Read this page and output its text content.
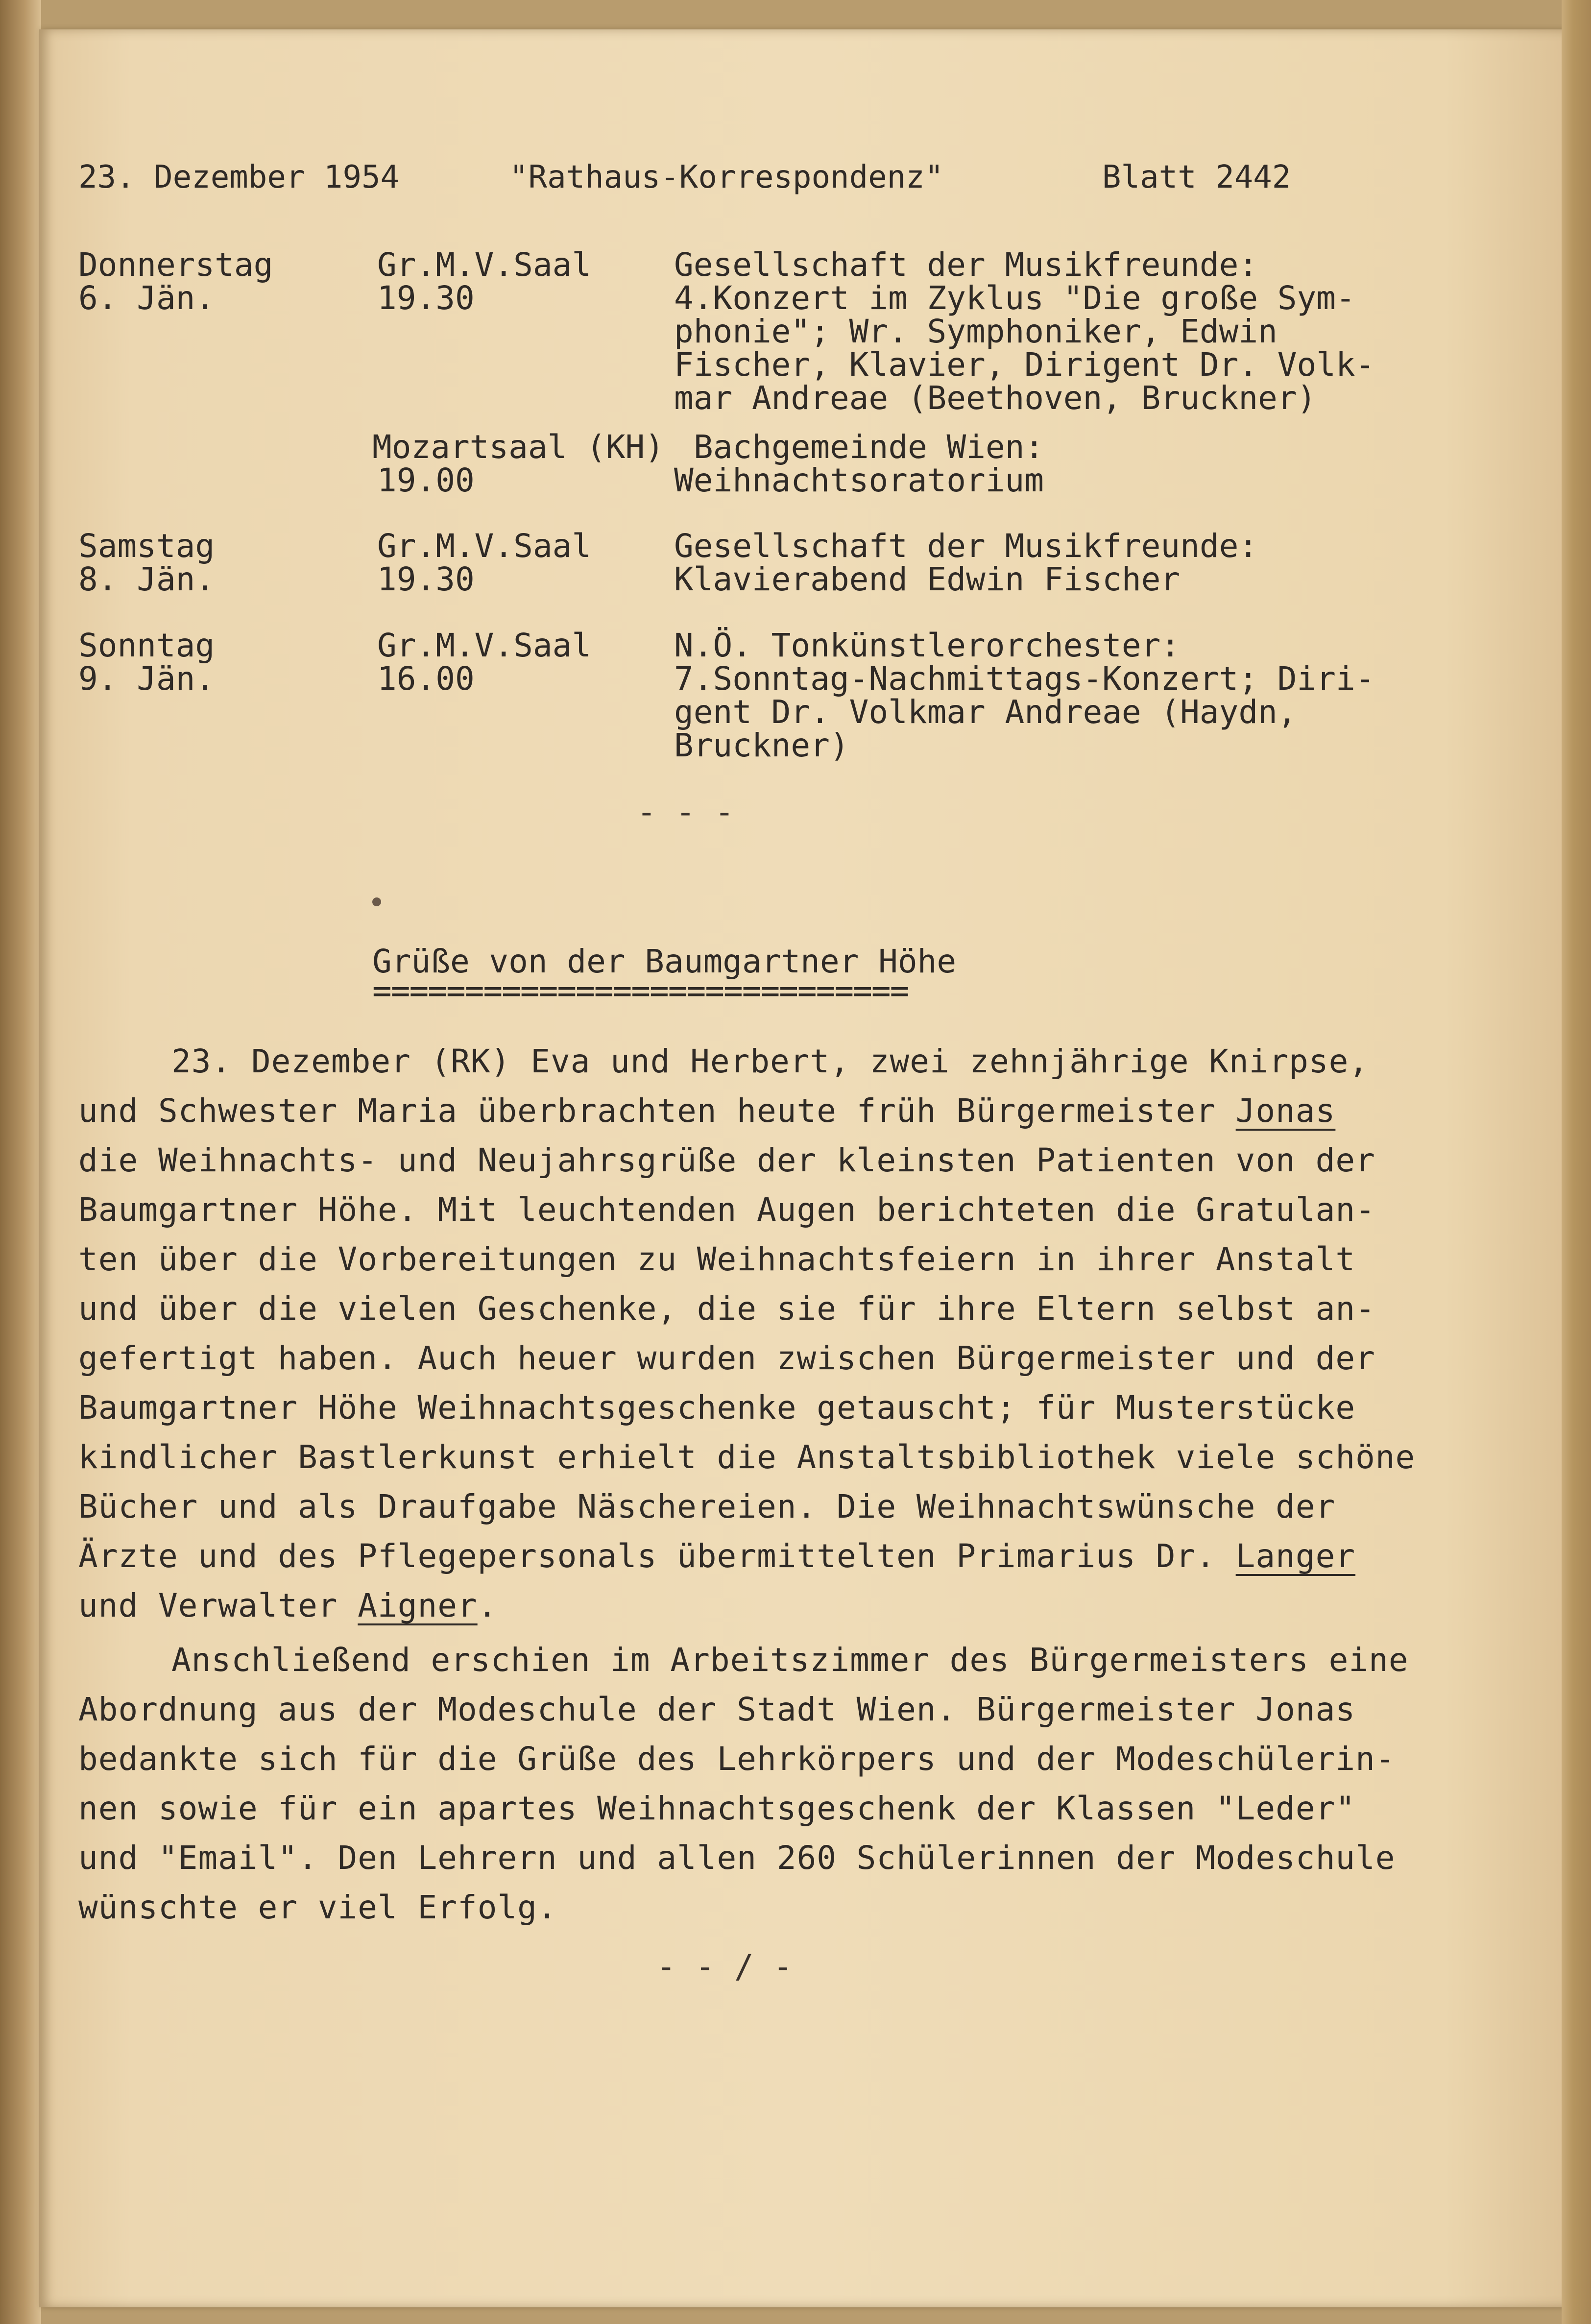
23. Dezember 1954	"Rathaus-Korrespondenz"	Blatt 2442
Donnerstag
6. Jän.
Gr.M.V.Saal
19.30
Gesellschaft der Musikfreunde:
4.Konzert im Zyklus "Die große Sym-
phonie"; Wr. Symphoniker, Edwin
Fischer, Klavier, Dirigent Dr. Volk-
mar Andreae (Beethoven, Bruckner)
Mozartsaal (KH)
19.00
Bachgemeinde Wien:
Weihnachtsoratorium
Samstag
8. Jän.
Gr.M.V.Saal
19.30
Gesellschaft der Musikfreunde:
Klavierabend Edwin Fischer
Sonntag
9. Jän.
Gr.M.V.Saal
16.00
N.Ö. Tonkünstlerorchester:
7.Sonntag-Nachmittags-Konzert; Diri-
gent Dr. Volkmar Andreae (Haydn,
Bruckner)
- - -
Grüße von der Baumgartner Höhe
=============================
23. Dezember (RK) Eva und Herbert, zwei zehnjährige Knirpse,
und Schwester Maria überbrachten heute früh Bürgermeister Jonas
die Weihnachts- und Neujahrsgrüße der kleinsten Patienten von der
Baumgartner Höhe. Mit leuchtenden Augen berichteten die Gratulan-
ten über die Vorbereitungen zu Weihnachtsfeiern in ihrer Anstalt
und über die vielen Geschenke, die sie für ihre Eltern selbst an-
gefertigt haben. Auch heuer wurden zwischen Bürgermeister und der
Baumgartner Höhe Weihnachtsgeschenke getauscht; für Musterstücke
kindlicher Bastlerkunst erhielt die Anstaltsbibliothek viele schöne
Bücher und als Draufgabe Näschereien. Die Weihnachtswünsche der
Ärzte und des Pflegepersonals übermittelten Primarius Dr. Langer
und Verwalter Aigner.
Anschließend erschien im Arbeitszimmer des Bürgermeisters eine
Abordnung aus der Modeschule der Stadt Wien. Bürgermeister Jonas
bedankte sich für die Grüße des Lehrkörpers und der Modeschülerin-
nen sowie für ein apartes Weihnachtsgeschenk der Klassen "Leder"
und "Email". Den Lehrern und allen 260 Schülerinnen der Modeschule
wünschte er viel Erfolg.
- - / -
